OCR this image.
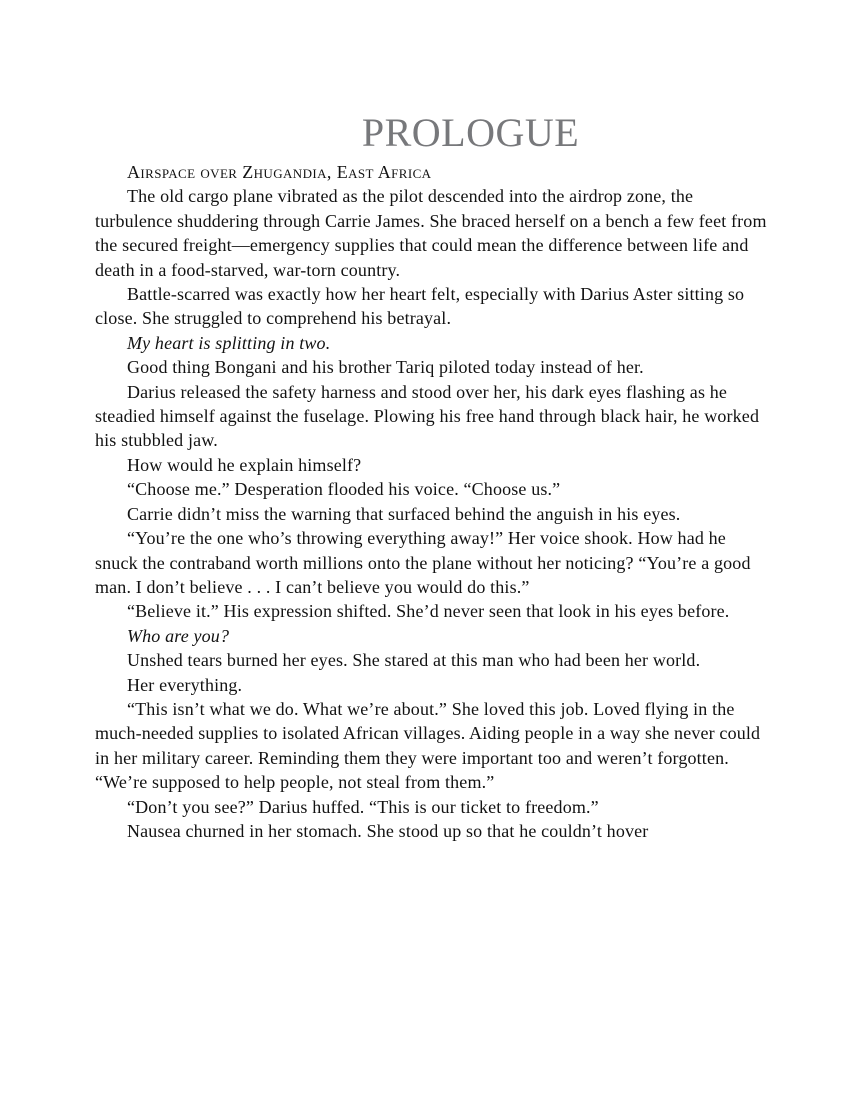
PROLOGUE

Airspace over Zhugandia, East Africa

The old cargo plane vibrated as the pilot descended into the airdrop zone, the turbulence shuddering through Carrie James. She braced herself on a bench a few feet from the secured freight—emergency supplies that could mean the difference between life and death in a food-starved, war-torn country.

Battle-scarred was exactly how her heart felt, especially with Darius Aster sitting so close. She struggled to comprehend his betrayal.

My heart is splitting in two.

Good thing Bongani and his brother Tariq piloted today instead of her.

Darius released the safety harness and stood over her, his dark eyes flashing as he steadied himself against the fuselage. Plowing his free hand through black hair, he worked his stubbled jaw.

How would he explain himself?

“Choose me.” Desperation flooded his voice. “Choose us.”

Carrie didn’t miss the warning that surfaced behind the anguish in his eyes.

“You’re the one who’s throwing everything away!” Her voice shook. How had he snuck the contraband worth millions onto the plane without her noticing? “You’re a good man. I don’t believe . . . I can’t believe you would do this.”

“Believe it.” His expression shifted. She’d never seen that look in his eyes before.

Who are you?

Unshed tears burned her eyes. She stared at this man who had been her world.

Her everything.

“This isn’t what we do. What we’re about.” She loved this job. Loved flying in the much-needed supplies to isolated African villages. Aiding people in a way she never could in her military career. Reminding them they were important too and weren’t forgotten. “We’re supposed to help people, not steal from them.”

“Don’t you see?” Darius huffed. “This is our ticket to freedom.”

Nausea churned in her stomach. She stood up so that he couldn’t hover
